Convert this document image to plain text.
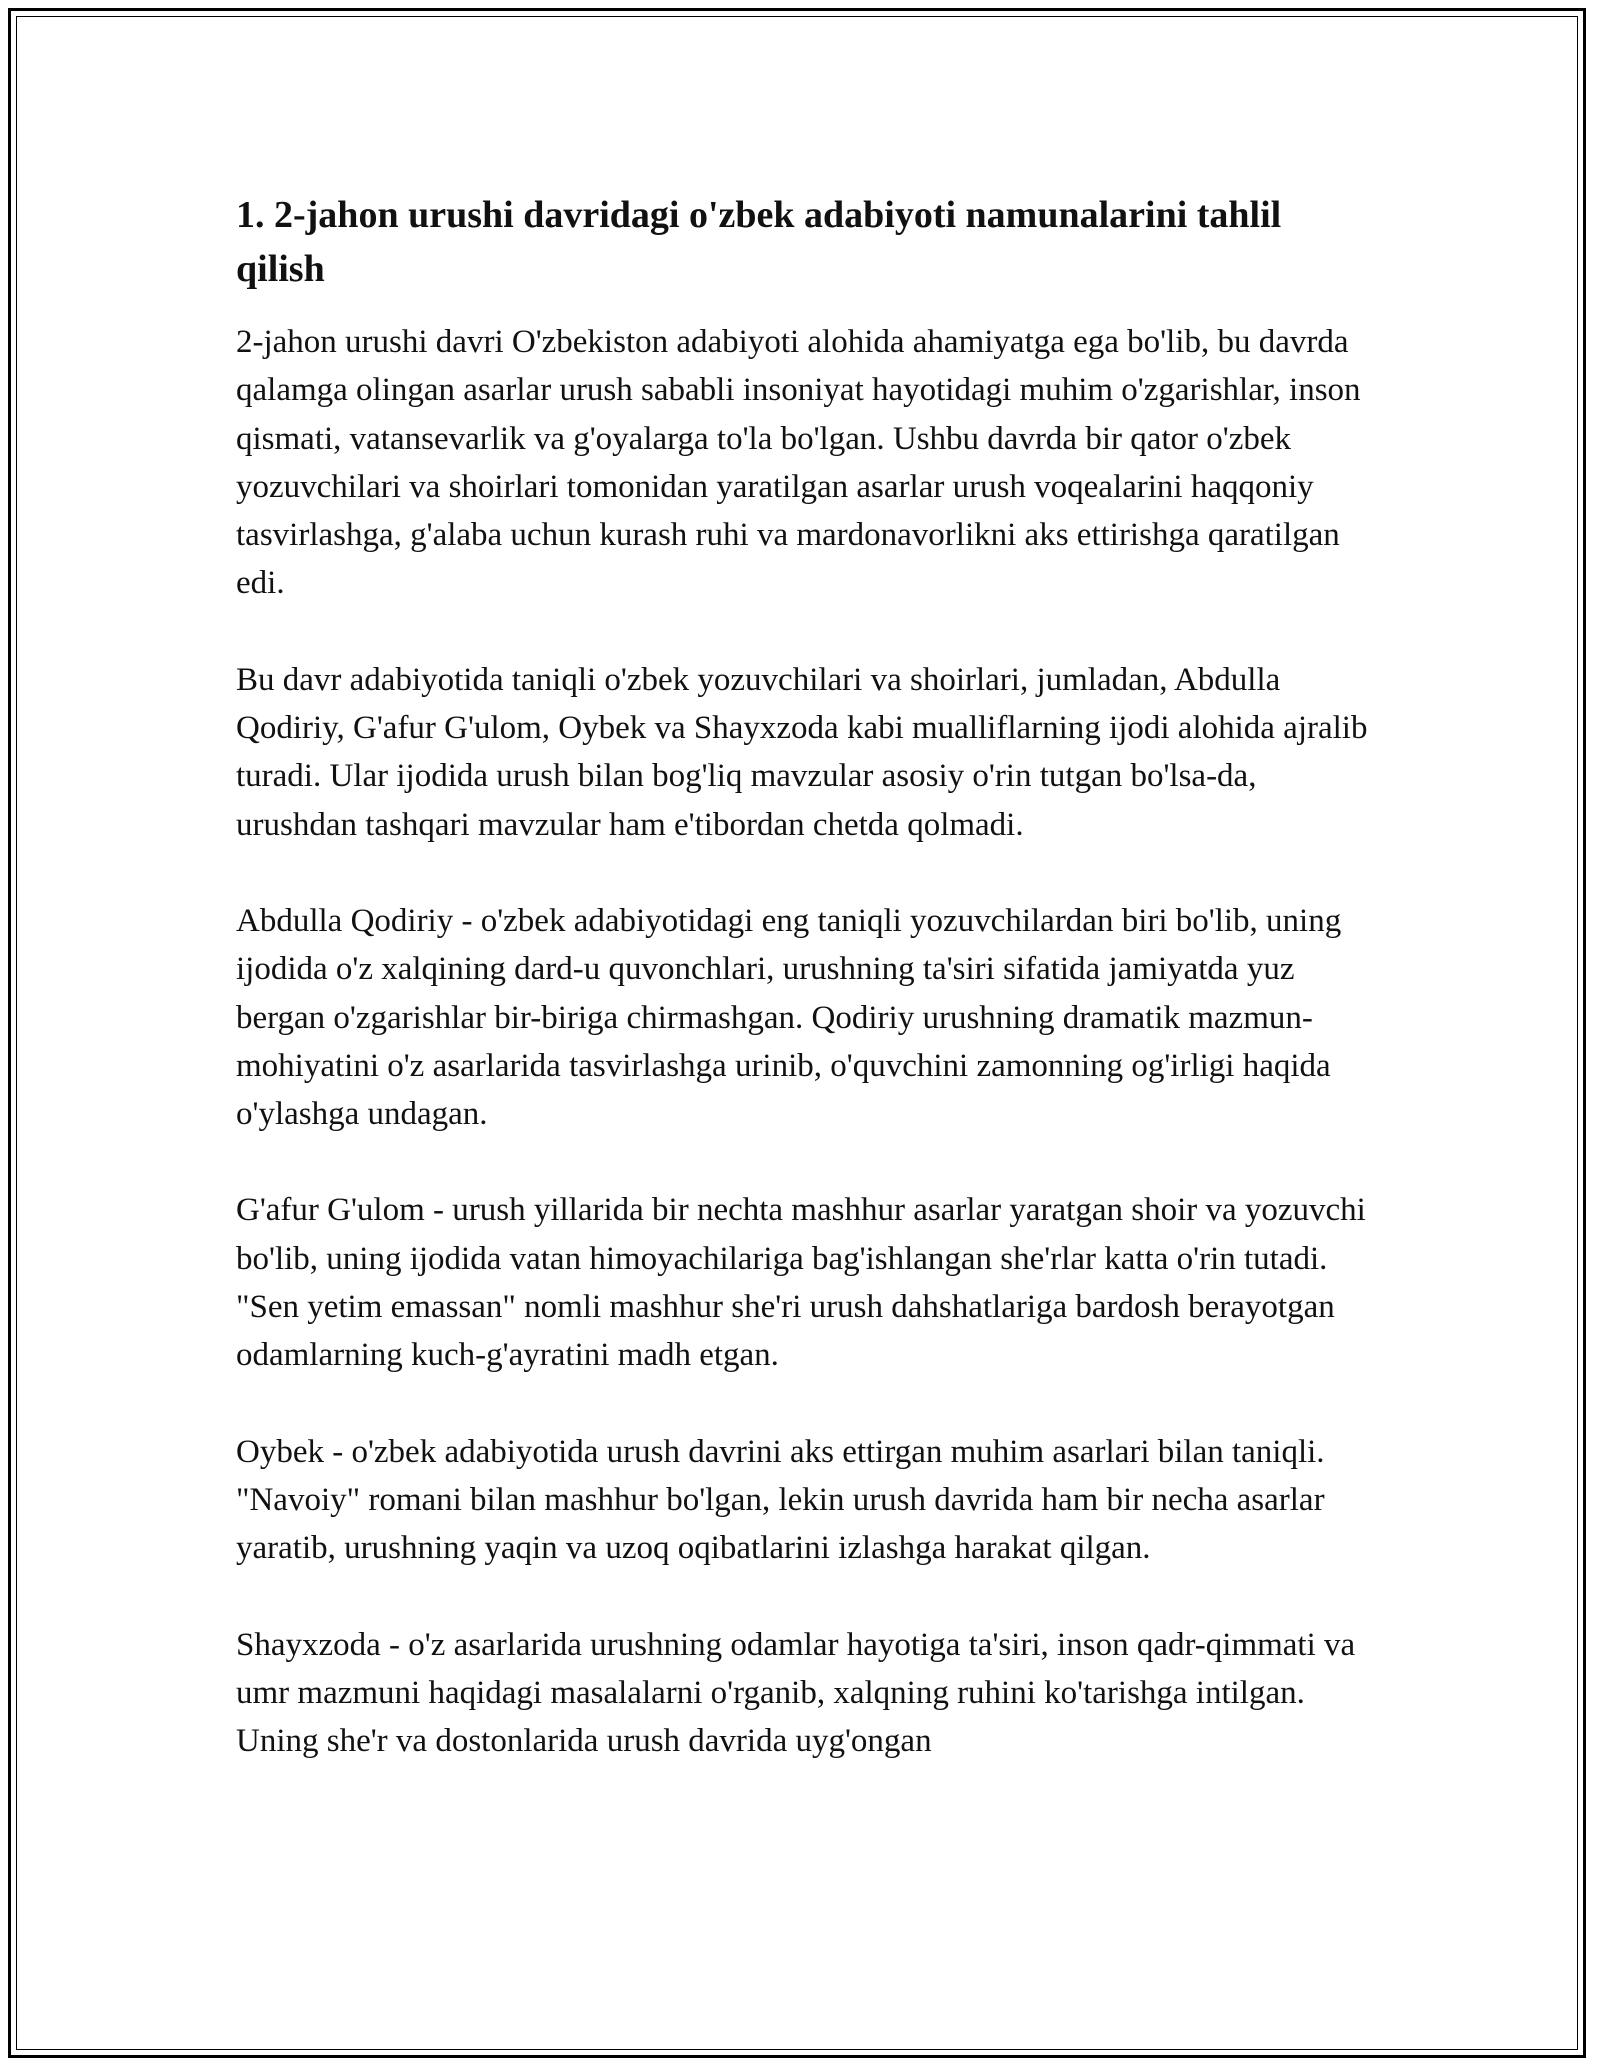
1. 2-jahon urushi davridagi o'zbek adabiyoti namunalarini tahlil qilish

2-jahon urushi davri O'zbekiston adabiyoti alohida ahamiyatga ega bo'lib, bu davrda qalamga olingan asarlar urush sababli insoniyat hayotidagi muhim o'zgarishlar, inson qismati, vatansevarlik va g'oyalarga to'la bo'lgan. Ushbu davrda bir qator o'zbek yozuvchilari va shoirlari tomonidan yaratilgan asarlar urush voqealarini haqqoniy tasvirlashga, g'alaba uchun kurash ruhi va mardonavorlikni aks ettirishga qaratilgan edi.

Bu davr adabiyotida taniqli o'zbek yozuvchilari va shoirlari, jumladan, Abdulla Qodiriy, G'afur G'ulom, Oybek va Shayxzoda kabi mualliflarning ijodi alohida ajralib turadi. Ular ijodida urush bilan bog'liq mavzular asosiy o'rin tutgan bo'lsa-da, urushdan tashqari mavzular ham e'tibordan chetda qolmadi.

Abdulla Qodiriy - o'zbek adabiyotidagi eng taniqli yozuvchilardan biri bo'lib, uning ijodida o'z xalqining dard-u quvonchlari, urushning ta'siri sifatida jamiyatda yuz bergan o'zgarishlar bir-biriga chirmashgan. Qodiriy urushning dramatik mazmun-mohiyatini o'z asarlarida tasvirlashga urinib, o'quvchini zamonning og'irligi haqida o'ylashga undagan.

G'afur G'ulom - urush yillarida bir nechta mashhur asarlar yaratgan shoir va yozuvchi bo'lib, uning ijodida vatan himoyachilariga bag'ishlangan she'rlar katta o'rin tutadi. "Sen yetim emassan" nomli mashhur she'ri urush dahshatlariga bardosh berayotgan odamlarning kuch-g'ayratini madh etgan.

Oybek - o'zbek adabiyotida urush davrini aks ettirgan muhim asarlari bilan taniqli. "Navoiy" romani bilan mashhur bo'lgan, lekin urush davrida ham bir necha asarlar yaratib, urushning yaqin va uzoq oqibatlarini izlashga harakat qilgan.

Shayxzoda - o'z asarlarida urushning odamlar hayotiga ta'siri, inson qadr-qimmati va umr mazmuni haqidagi masalalarni o'rganib, xalqning ruhini ko'tarishga intilgan. Uning she'r va dostonlarida urush davrida uyg'ongan
